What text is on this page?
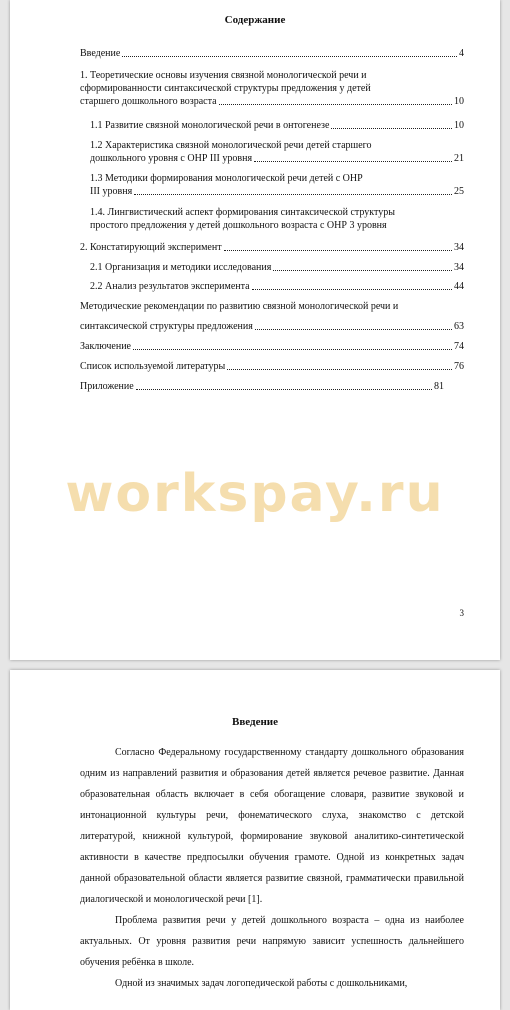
Содержание
Введение	4
1. Теоретические основы изучения связной монологической речи и
сформированности синтаксической структуры предложения у детей
старшего дошкольного возраста	10
1.1 Развитие связной монологической речи в онтогенезе	10
1.2 Характеристика связной монологической речи детей старшего
дошкольного уровня с ОНР III уровня	21
1.3 Методики формирования монологической речи детей с ОНР
III уровня	25
1.4. Лингвистический аспект формирования синтаксической структуры
простого предложения у детей дошкольного возраста с ОНР 3 уровня
2. Констатирующий эксперимент	34
2.1 Организация и методики исследования	34
2.2 Анализ результатов эксперимента	44
Методические рекомендации по развитию связной монологической речи и
синтаксической структуры предложения	63
Заключение	74
Список используемой литературы	76
Приложение	81
workspay.ru
3
Введение

Согласно Федеральному государственному стандарту дошкольного образования одним из направлений развития и образования детей является речевое развитие. Данная образовательная область включает в себя обогащение словаря, развитие звуковой и интонационной культуры речи, фонематического слуха, знакомство с детской литературой, книжной культурой, формирование звуковой аналитико-синтетической активности в качестве предпосылки обучения грамоте. Одной из конкретных задач данной образовательной области является развитие связной, грамматически правильной диалогической и монологической речи [1].

Проблема развития речи у детей дошкольного возраста – одна из наиболее актуальных. От уровня развития речи напрямую зависит успешность дальнейшего обучения ребёнка в школе.

Одной из значимых задач логопедической работы с дошкольниками,
